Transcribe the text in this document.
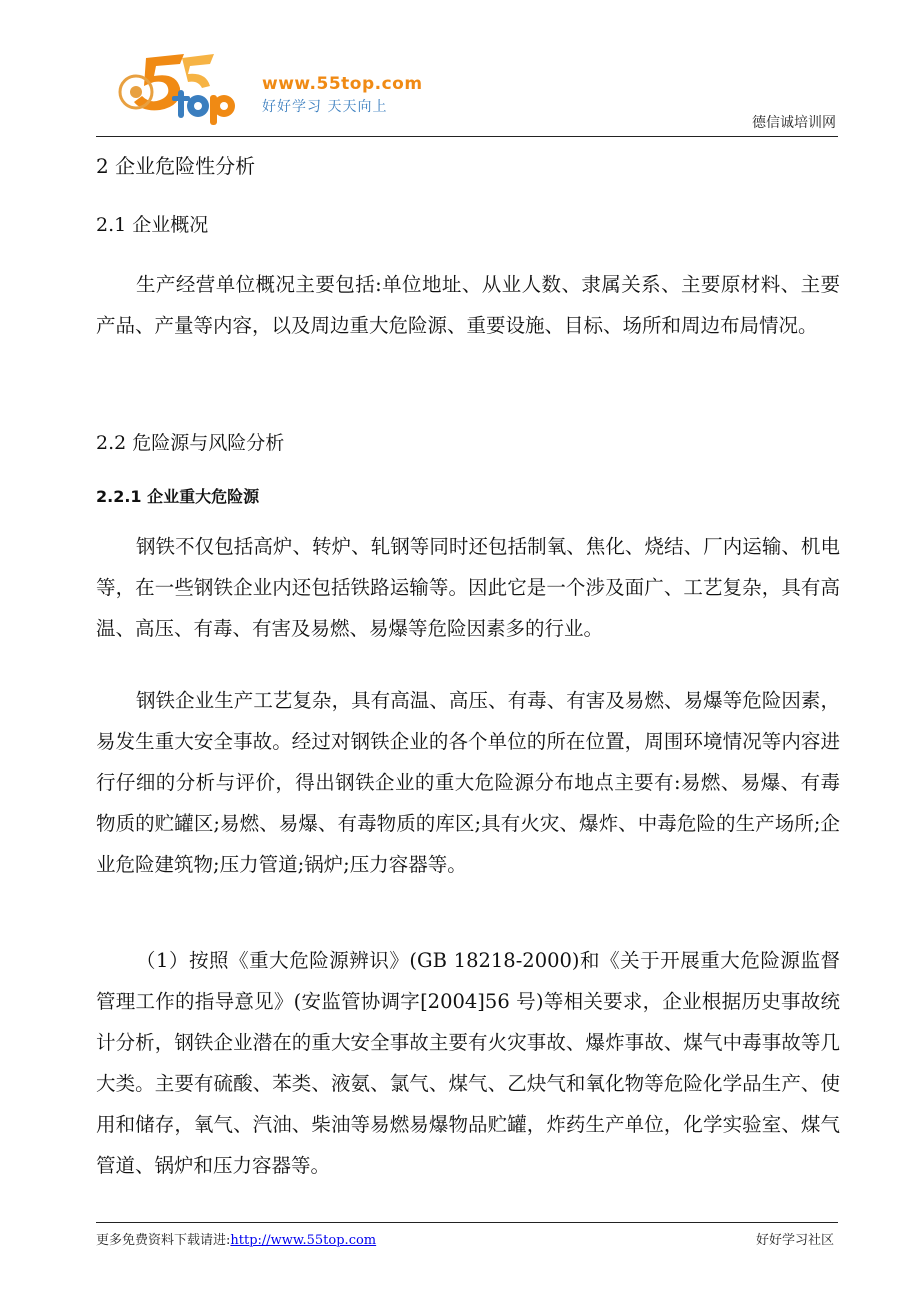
www.55top.com
好好学习 天天向上
德信诚培训网
2 企业危险性分析
2.1 企业概况
生产经营单位概况主要包括:单位地址、从业人数、隶属关系、主要原材料、主要产品、产量等内容，以及周边重大危险源、重要设施、目标、场所和周边布局情况。
2.2 危险源与风险分析
2.2.1 企业重大危险源
钢铁不仅包括高炉、转炉、轧钢等同时还包括制氧、焦化、烧结、厂内运输、机电等，在一些钢铁企业内还包括铁路运输等。因此它是一个涉及面广、工艺复杂，具有高温、高压、有毒、有害及易燃、易爆等危险因素多的行业。
钢铁企业生产工艺复杂，具有高温、高压、有毒、有害及易燃、易爆等危险因素，易发生重大安全事故。经过对钢铁企业的各个单位的所在位置，周围环境情况等内容进行仔细的分析与评价，得出钢铁企业的重大危险源分布地点主要有:易燃、易爆、有毒物质的贮罐区;易燃、易爆、有毒物质的库区;具有火灾、爆炸、中毒危险的生产场所;企业危险建筑物;压力管道;锅炉;压力容器等。
（1）按照《重大危险源辨识》(GB 18218-2000)和《关于开展重大危险源监督管理工作的指导意见》(安监管协调字[2004]56 号)等相关要求，企业根据历史事故统计分析，钢铁企业潜在的重大安全事故主要有火灾事故、爆炸事故、煤气中毒事故等几大类。主要有硫酸、苯类、液氨、氯气、煤气、乙炔气和氧化物等危险化学品生产、使用和储存，氧气、汽油、柴油等易燃易爆物品贮罐，炸药生产单位，化学实验室、煤气管道、锅炉和压力容器等。
更多免费资料下载请进:http://www.55top.com	好好学习社区
